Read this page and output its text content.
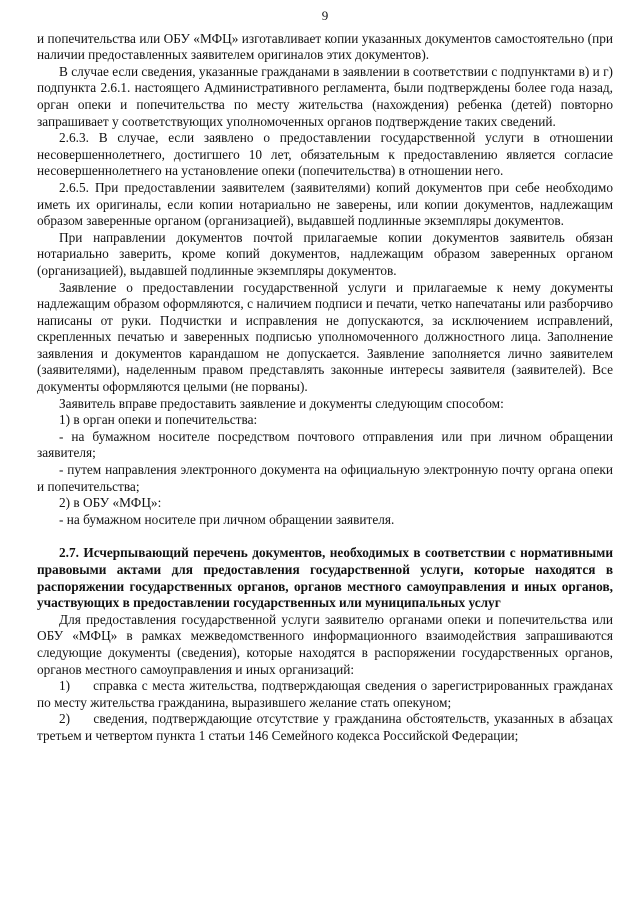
9

и попечительства или ОБУ «МФЦ» изготавливает копии указанных документов самостоятельно (при наличии предоставленных заявителем оригиналов этих документов).

В случае если сведения, указанные гражданами в заявлении в соответствии с подпунктами в) и г) подпункта 2.6.1. настоящего Административного регламента, были подтверждены более года назад, орган опеки и попечительства по месту жительства (нахождения) ребенка (детей) повторно запрашивает у соответствующих уполномоченных органов подтверждение таких сведений.

2.6.3. В случае, если заявлено о предоставлении государственной услуги в отношении несовершеннолетнего, достигшего 10 лет, обязательным к предоставлению является согласие несовершеннолетнего на установление опеки (попечительства) в отношении него.

2.6.5. При предоставлении заявителем (заявителями) копий документов при себе необходимо иметь их оригиналы, если копии нотариально не заверены, или копии документов, надлежащим образом заверенные органом (организацией), выдавшей подлинные экземпляры документов.

При направлении документов почтой прилагаемые копии документов заявитель обязан нотариально заверить, кроме копий документов, надлежащим образом заверенных органом (организацией), выдавшей подлинные экземпляры документов.

Заявление о предоставлении государственной услуги и прилагаемые к нему документы надлежащим образом оформляются, с наличием подписи и печати, четко напечатаны или разборчиво написаны от руки. Подчистки и исправления не допускаются, за исключением исправлений, скрепленных печатью и заверенных подписью уполномоченного должностного лица. Заполнение заявления и документов карандашом не допускается. Заявление заполняется лично заявителем (заявителями), наделенным правом представлять законные интересы заявителя (заявителей). Все документы оформляются целыми (не порваны).

Заявитель вправе предоставить заявление и документы следующим способом:

1) в орган опеки и попечительства:

- на бумажном носителе посредством почтового отправления или при личном обращении заявителя;

- путем направления электронного документа на официальную электронную почту органа опеки и попечительства;

2) в ОБУ «МФЦ»:

- на бумажном носителе при личном обращении заявителя.

2.7. Исчерпывающий перечень документов, необходимых в соответствии с нормативными правовыми актами для предоставления государственной услуги, которые находятся в распоряжении государственных органов, органов местного самоуправления и иных органов, участвующих в предоставлении государственных или муниципальных услуг

Для предоставления государственной услуги заявителю органами опеки и попечительства или ОБУ «МФЦ» в рамках межведомственного информационного взаимодействия запрашиваются следующие документы (сведения), которые находятся в распоряжении государственных органов, органов местного самоуправления и иных организаций:

1)     справка с места жительства, подтверждающая сведения о зарегистрированных гражданах по месту жительства гражданина, выразившего желание стать опекуном;

2)     сведения, подтверждающие отсутствие у гражданина обстоятельств, указанных в абзацах третьем и четвертом пункта 1 статьи 146 Семейного кодекса Российской Федерации;
